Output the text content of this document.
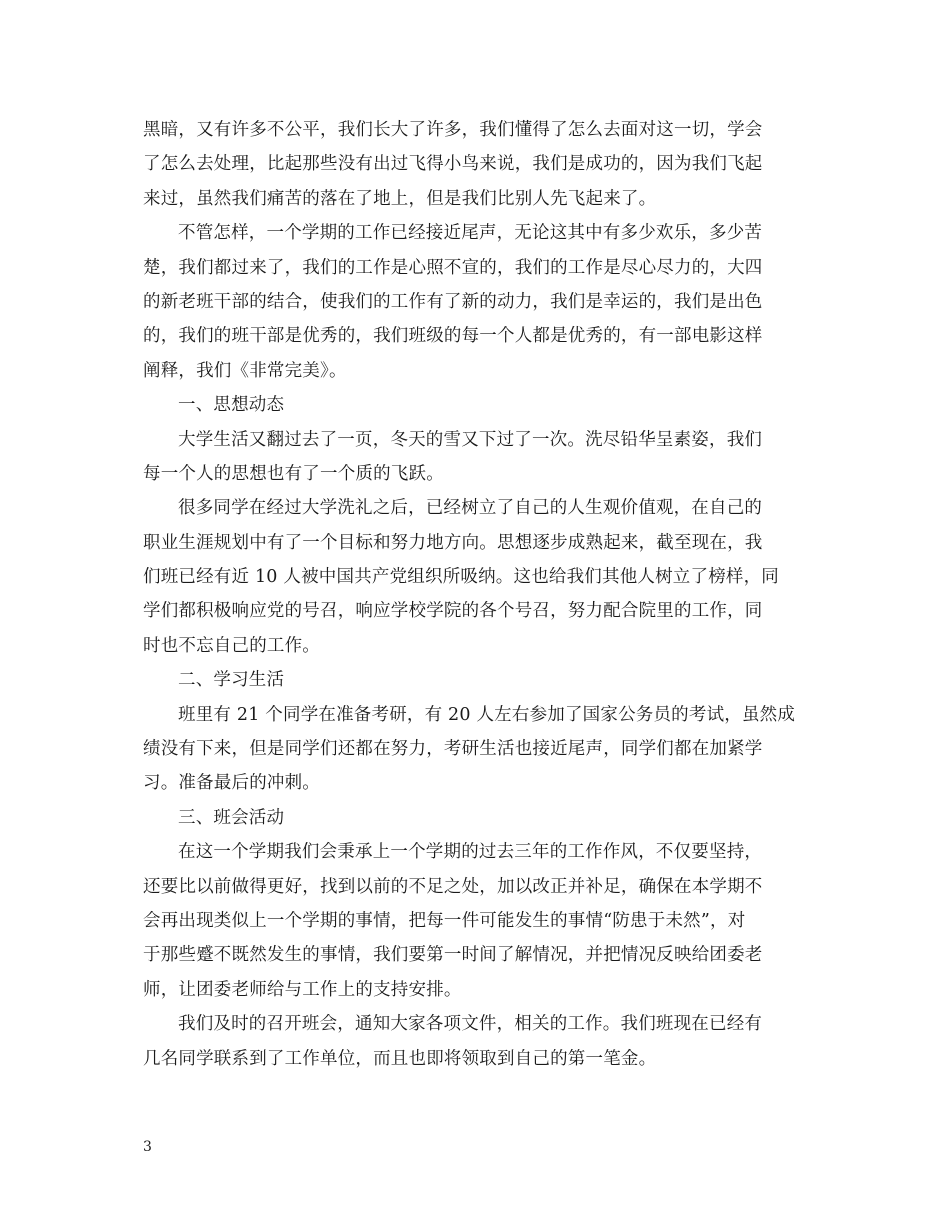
黑暗，又有许多不公平，我们长大了许多，我们懂得了怎么去面对这一切，学会
了怎么去处理，比起那些没有出过飞得小鸟来说，我们是成功的，因为我们飞起
来过，虽然我们痛苦的落在了地上，但是我们比别人先飞起来了。
不管怎样，一个学期的工作已经接近尾声，无论这其中有多少欢乐，多少苦
楚，我们都过来了，我们的工作是心照不宣的，我们的工作是尽心尽力的，大四
的新老班干部的结合，使我们的工作有了新的动力，我们是幸运的，我们是出色
的，我们的班干部是优秀的，我们班级的每一个人都是优秀的，有一部电影这样
阐释，我们《非常完美》。
一、思想动态
大学生活又翻过去了一页，冬天的雪又下过了一次。洗尽铅华呈素姿，我们
每一个人的思想也有了一个质的飞跃。
很多同学在经过大学洗礼之后，已经树立了自己的人生观价值观，在自己的
职业生涯规划中有了一个目标和努力地方向。思想逐步成熟起来，截至现在，我
们班已经有近 10 人被中国共产党组织所吸纳。这也给我们其他人树立了榜样，同
学们都积极响应党的号召，响应学校学院的各个号召，努力配合院里的工作，同
时也不忘自己的工作。
二、学习生活
班里有 21 个同学在准备考研，有 20 人左右参加了国家公务员的考试，虽然成
绩没有下来，但是同学们还都在努力，考研生活也接近尾声，同学们都在加紧学
习。准备最后的冲刺。
三、班会活动
在这一个学期我们会秉承上一个学期的过去三年的工作作风，不仅要坚持，
还要比以前做得更好，找到以前的不足之处，加以改正并补足，确保在本学期不
会再出现类似上一个学期的事情，把每一件可能发生的事情“防患于未然”，对
于那些蹙不既然发生的事情，我们要第一时间了解情况，并把情况反映给团委老
师，让团委老师给与工作上的支持安排。
我们及时的召开班会，通知大家各项文件，相关的工作。我们班现在已经有
几名同学联系到了工作单位，而且也即将领取到自己的第一笔金。
3
